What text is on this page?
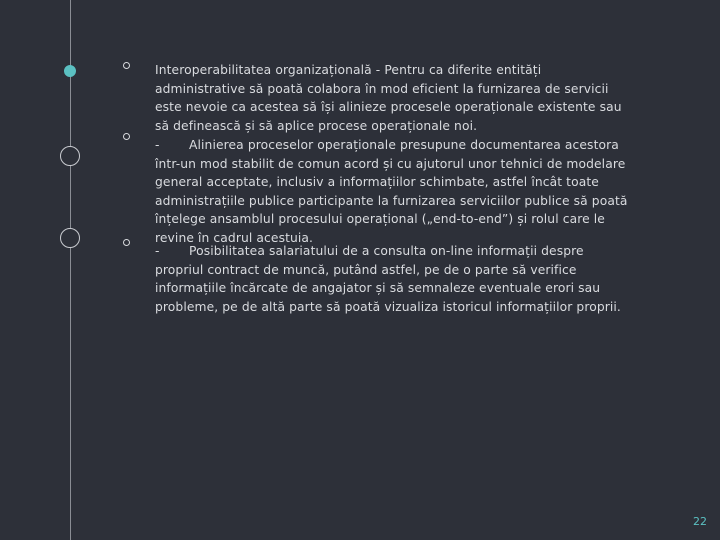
Interoperabilitatea organizațională - Pentru ca diferite entități
administrative să poată colabora în mod eficient la furnizarea de servicii
este nevoie ca acestea să își alinieze procesele operaționale existente sau
să definească și să aplice procese operaționale noi.
- Alinierea proceselor operaționale presupune documentarea acestora
într-un mod stabilit de comun acord și cu ajutorul unor tehnici de modelare
general acceptate, inclusiv a informațiilor schimbate, astfel încât toate
administrațiile publice participante la furnizarea serviciilor publice să poată
înțelege ansamblul procesului operațional („end-to-end”) și rolul care le
revine în cadrul acestuia.
- Posibilitatea salariatului de a consulta on-line informații despre
propriul contract de muncă, putând astfel, pe de o parte să verifice
informațiile încărcate de angajator și să semnaleze eventuale erori sau
probleme, pe de altă parte să poată vizualiza istoricul informațiilor proprii.
22
